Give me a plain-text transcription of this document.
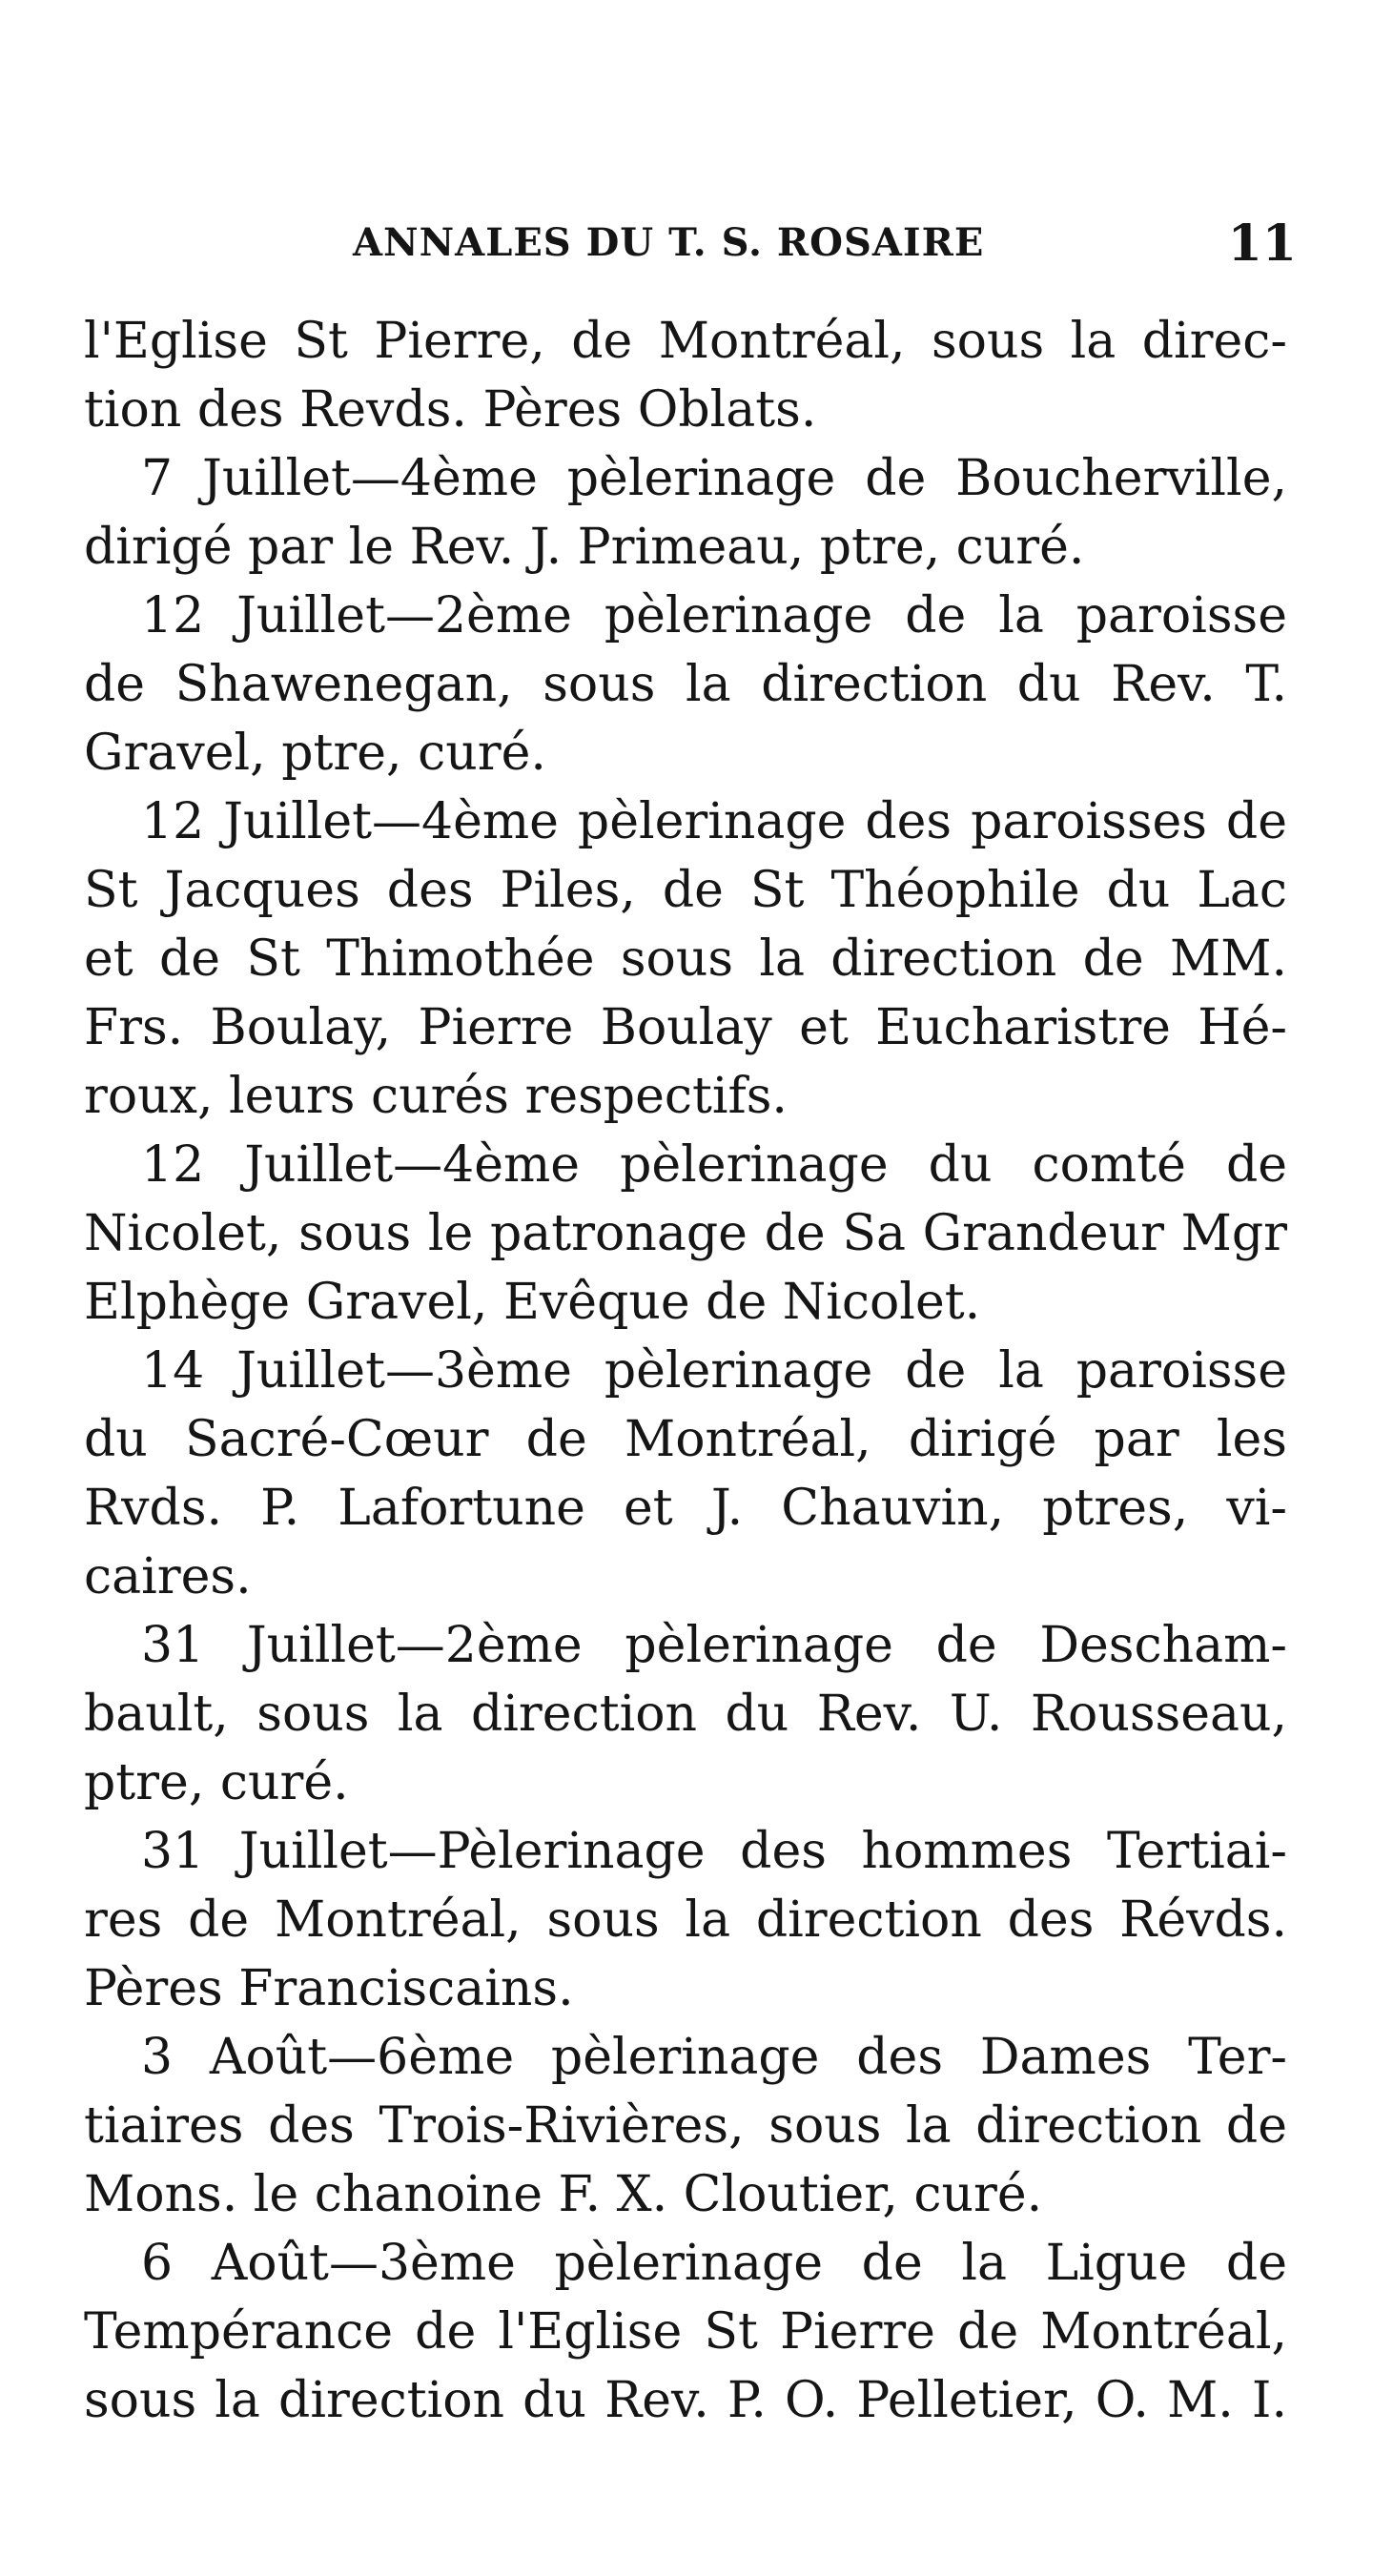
ANNALES DU T. S. ROSAIRE	11
l'Eglise St Pierre, de Montréal, sous la direc-
tion des Revds. Pères Oblats.
7 Juillet—4ème pèlerinage de Boucherville,
dirigé par le Rev. J. Primeau, ptre, curé.
12 Juillet—2ème pèlerinage de la paroisse
de Shawenegan, sous la direction du Rev. T.
Gravel, ptre, curé.
12 Juillet—4ème pèlerinage des paroisses de
St Jacques des Piles, de St Théophile du Lac
et de St Thimothée sous la direction de MM.
Frs. Boulay, Pierre Boulay et Eucharistre Hé-
roux, leurs curés respectifs.
12 Juillet—4ème pèlerinage du comté de
Nicolet, sous le patronage de Sa Grandeur Mgr
Elphège Gravel, Evêque de Nicolet.
14 Juillet—3ème pèlerinage de la paroisse
du Sacré-Cœur de Montréal, dirigé par les
Rvds. P. Lafortune et J. Chauvin, ptres, vi-
caires.
31 Juillet—2ème pèlerinage de Descham-
bault, sous la direction du Rev. U. Rousseau,
ptre, curé.
31 Juillet—Pèlerinage des hommes Tertiai-
res de Montréal, sous la direction des Révds.
Pères Franciscains.
3 Août—6ème pèlerinage des Dames Ter-
tiaires des Trois-Rivières, sous la direction de
Mons. le chanoine F. X. Cloutier, curé.
6 Août—3ème pèlerinage de la Ligue de
Tempérance de l'Eglise St Pierre de Montréal,
sous la direction du Rev. P. O. Pelletier, O. M. I.
